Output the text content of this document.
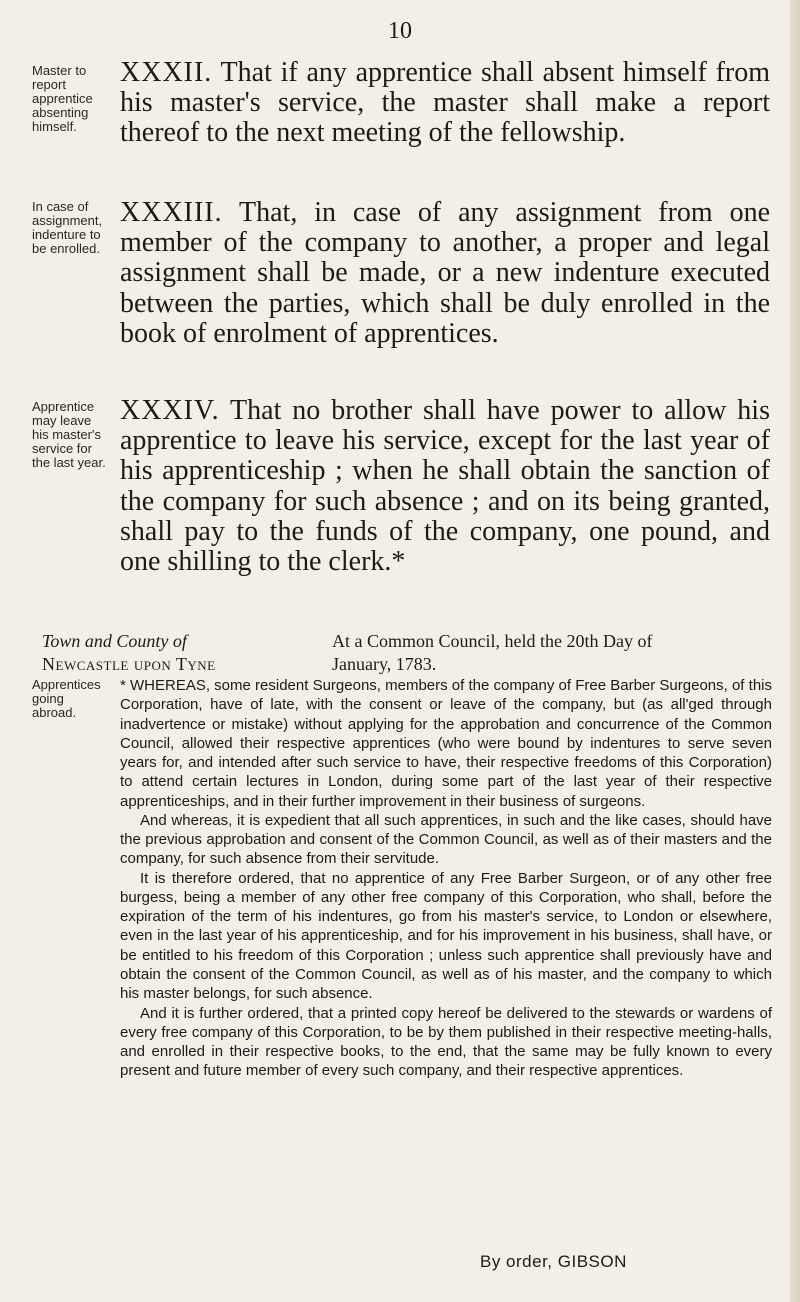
10
Master to report apprentice absenting himself.
XXXII. That if any apprentice shall absent himself from his master's service, the master shall make a report thereof to the next meeting of the fellowship.
In case of assignment, indenture to be enrolled.
XXXIII. That, in case of any assignment from one member of the company to another, a proper and legal assignment shall be made, or a new indenture executed between the parties, which shall be duly enrolled in the book of enrolment of apprentices.
Apprentice may leave his master's service for the last year.
XXXIV. That no brother shall have power to allow his apprentice to leave his service, except for the last year of his apprenticeship ; when he shall obtain the sanction of the company for such absence ; and on its being granted, shall pay to the funds of the company, one pound, and one shilling to the clerk.*
Town and County of	At a Common Council, held the 20th Day of
Newcastle upon Tyne	January, 1783.
Apprentices going abroad.

* WHEREAS, some resident Surgeons, members of the company of Free Barber Surgeons, of this Corporation, have of late, with the consent or leave of the company, but (as all'ged through inadvertence or mistake) without applying for the approbation and concurrence of the Common Council, allowed their respective apprentices (who were bound by indentures to serve seven years for, and intended after such service to have, their respective freedoms of this Corporation) to attend certain lectures in London, during some part of the last year of their respective apprenticeships, and in their further improvement in their business of surgeons.

And whereas, it is expedient that all such apprentices, in such and the like cases, should have the previous approbation and consent of the Common Council, as well as of their masters and the company, for such absence from their servitude.

It is therefore ordered, that no apprentice of any Free Barber Surgeon, or of any other free burgess, being a member of any other free company of this Corporation, who shall, before the expiration of the term of his indentures, go from his master's service, to London or elsewhere, even in the last year of his apprenticeship, and for his improvement in his business, shall have, or be entitled to his freedom of this Corporation ; unless such apprentice shall previously have and obtain the consent of the Common Council, as well as of his master, and the company to which his master belongs, for such absence.

And it is further ordered, that a printed copy hereof be delivered to the stewards or wardens of every free company of this Corporation, to be by them published in their respective meeting-halls, and enrolled in their respective books, to the end, that the same may be fully known to every present and future member of every such company, and their respective apprentices.

By order, GIBSON
